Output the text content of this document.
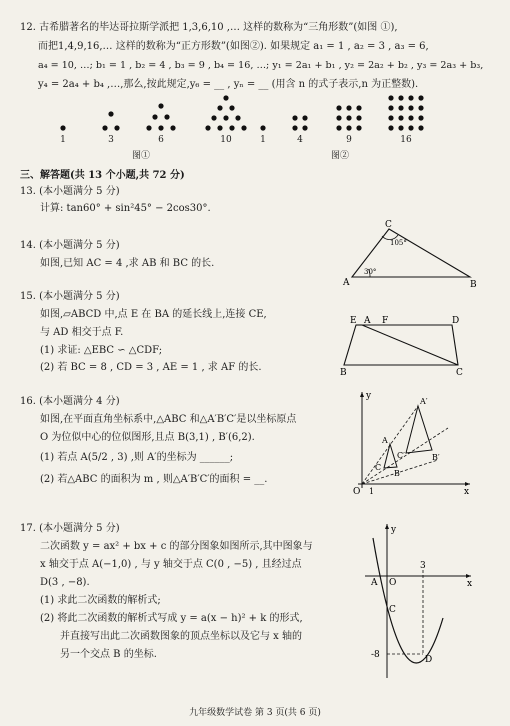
12. 古希腊著名的毕达哥拉斯学派把 1,3,6,10 ,… 这样的数称为“三角形数”(如图 ①),
而把1,4,9,16,… 这样的数称为“正方形数”(如图②). 如果规定 a₁ = 1 , a₂ = 3 , a₃ = 6,
a₄ = 10, …; b₁ = 1 , b₂ = 4 , b₃ = 9 , b₄ = 16, …; y₁ = 2a₁ + b₁ , y₂ = 2a₂ + b₂ , y₃ = 2a₃ + b₃,
y₄ = 2a₄ + b₄ ,…,那么,按此规定,y₆ = __ , yₙ = __ (用含 n 的式子表示,n 为正整数).
1	3	6	10
图①
1	4	9	16
图②
三、解答题(共 13 个小题,共 72 分)
13. (本小题满分 5 分)
计算: tan60° + sin²45° − 2cos30°.
14. (本小题满分 5 分)
如图,已知 AC = 4 ,求 AB 和 BC 的长.
A	B
C
105°
30°
15. (本小题满分 5 分)
如图,▱ABCD 中,点 E 在 BA 的延长线上,连接 CE,
与 AD 相交于点 F.
(1) 求证: △EBC ∽ △CDF;
(2) 若 BC = 8 , CD = 3 , AE = 1 , 求 AF 的长.
E A F	D
B	C
16. (本小题满分 4 分)
如图,在平面直角坐标系中,△ABC 和△A′B′C′是以坐标原点
O 为位似中心的位似图形,且点 B(3,1) , B′(6,2).
(1) 若点 A(5/2 , 3) ,则 A′的坐标为 ______;
(2) 若△ABC 的面积为 m , 则△A′B′C′的面积 = __.
y
x
O 1
A
A′
C
C′
B
B′
17. (本小题满分 5 分)
二次函数 y = ax² + bx + c 的部分图象如图所示,其中图象与
x 轴交于点 A(−1,0) , 与 y 轴交于点 C(0 , −5) , 且经过点
D(3 , −8).
(1) 求此二次函数的解析式;
(2) 将此二次函数的解析式写成 y = a(x − h)² + k 的形式,
并直接写出此二次函数图象的顶点坐标以及它与 x 轴的
另一个交点 B 的坐标.
y
x
A O
3
C
-8	D
九年级数学试卷 第 3 页(共 6 页)
